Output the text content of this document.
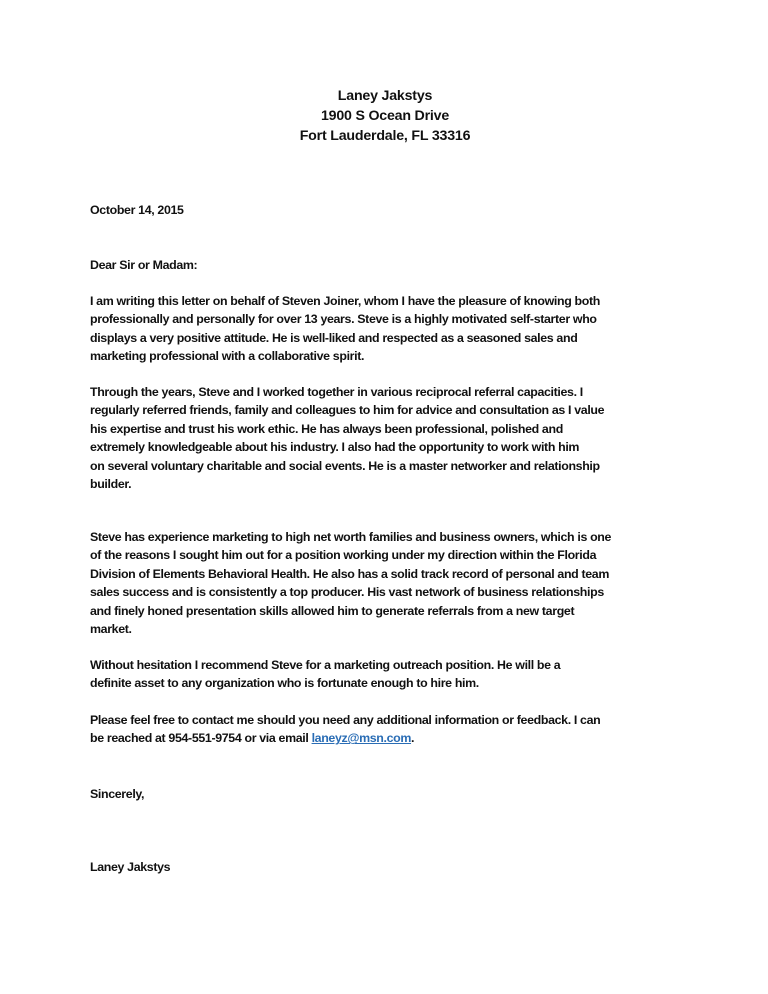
Laney Jakstys
1900 S Ocean Drive
Fort Lauderdale, FL 33316
October 14, 2015
Dear Sir or Madam:

I am writing this letter on behalf of Steven Joiner, whom I have the pleasure of knowing both

professionally and personally for over 13 years. Steve is a highly motivated self-starter who

displays a very positive attitude. He is well-liked and respected as a seasoned sales and

marketing professional with a collaborative spirit.

Through the years, Steve and I worked together in various reciprocal referral capacities. I

regularly referred friends, family and colleagues to him for advice and consultation as I value

his expertise and trust his work ethic. He has always been professional, polished and

extremely knowledgeable about his industry. I also had the opportunity to work with him

on several voluntary charitable and social events. He is a master networker and relationship

builder.

Steve has experience marketing to high net worth families and business owners, which is one

of the reasons I sought him out for a position working under my direction within the Florida

Division of Elements Behavioral Health. He also has a solid track record of personal and team

sales success and is consistently a top producer. His vast network of business relationships

and finely honed presentation skills allowed him to generate referrals from a new target

market.

Without hesitation I recommend Steve for a marketing outreach position. He will be a

definite asset to any organization who is fortunate enough to hire him.

Please feel free to contact me should you need any additional information or feedback. I can

be reached at 954-551-9754 or via email laneyz@msn.com.

Sincerely,
Laney Jakstys
